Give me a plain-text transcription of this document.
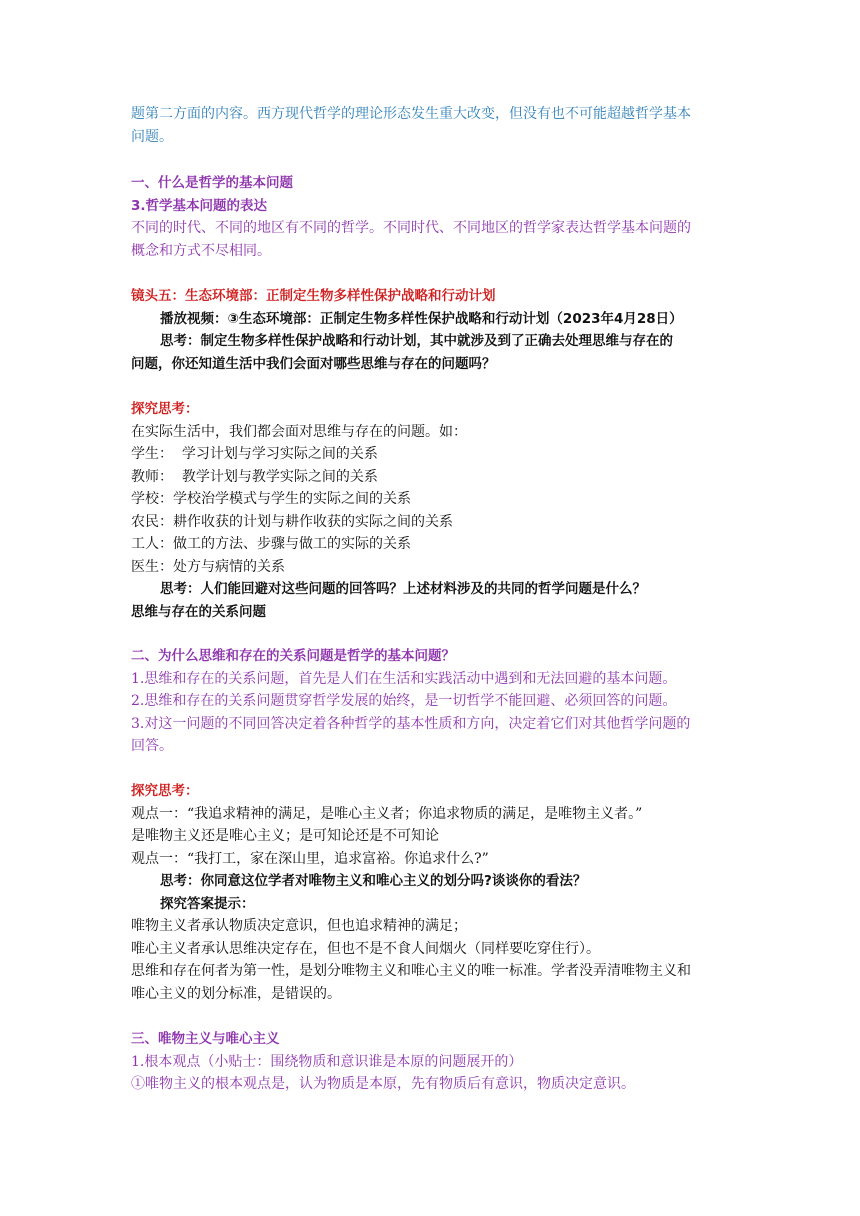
题第二方面的内容。西方现代哲学的理论形态发生重大改变，但没有也不可能超越哲学基本
问题。
一、什么是哲学的基本问题
3.哲学基本问题的表达
不同的时代、不同的地区有不同的哲学。不同时代、不同地区的哲学家表达哲学基本问题的
概念和方式不尽相同。
镜头五：生态环境部：正制定生物多样性保护战略和行动计划
播放视频：③生态环境部：正制定生物多样性保护战略和行动计划（2023年4月28日）
思考：制定生物多样性保护战略和行动计划，其中就涉及到了正确去处理思维与存在的
问题，你还知道生活中我们会面对哪些思维与存在的问题吗？
探究思考：
在实际生活中，我们都会面对思维与存在的问题。如：
学生：  学习计划与学习实际之间的关系
教师：  教学计划与教学实际之间的关系
学校：学校治学模式与学生的实际之间的关系
农民：耕作收获的计划与耕作收获的实际之间的关系
工人：做工的方法、步骤与做工的实际的关系
医生：处方与病情的关系
思考：人们能回避对这些问题的回答吗？上述材料涉及的共同的哲学问题是什么？
思维与存在的关系问题
二、为什么思维和存在的关系问题是哲学的基本问题？
1.思维和存在的关系问题，首先是人们在生活和实践活动中遇到和无法回避的基本问题。
2.思维和存在的关系问题贯穿哲学发展的始终，是一切哲学不能回避、必须回答的问题。
3.对这一问题的不同回答决定着各种哲学的基本性质和方向，决定着它们对其他哲学问题的
回答。
探究思考：
观点一：“我追求精神的满足，是唯心主义者；你追求物质的满足，是唯物主义者。”
是唯物主义还是唯心主义；是可知论还是不可知论
观点一：“我打工，家在深山里，追求富裕。你追求什么?”
思考：你同意这位学者对唯物主义和唯心主义的划分吗?谈谈你的看法？
探究答案提示：
唯物主义者承认物质决定意识，但也追求精神的满足；
唯心主义者承认思维决定存在，但也不是不食人间烟火（同样要吃穿住行）。
思维和存在何者为第一性，是划分唯物主义和唯心主义的唯一标准。学者没弄清唯物主义和
唯心主义的划分标准，是错误的。
三、唯物主义与唯心主义
1.根本观点（小贴士：围绕物质和意识谁是本原的问题展开的）
①唯物主义的根本观点是，认为物质是本原，先有物质后有意识，物质决定意识。
